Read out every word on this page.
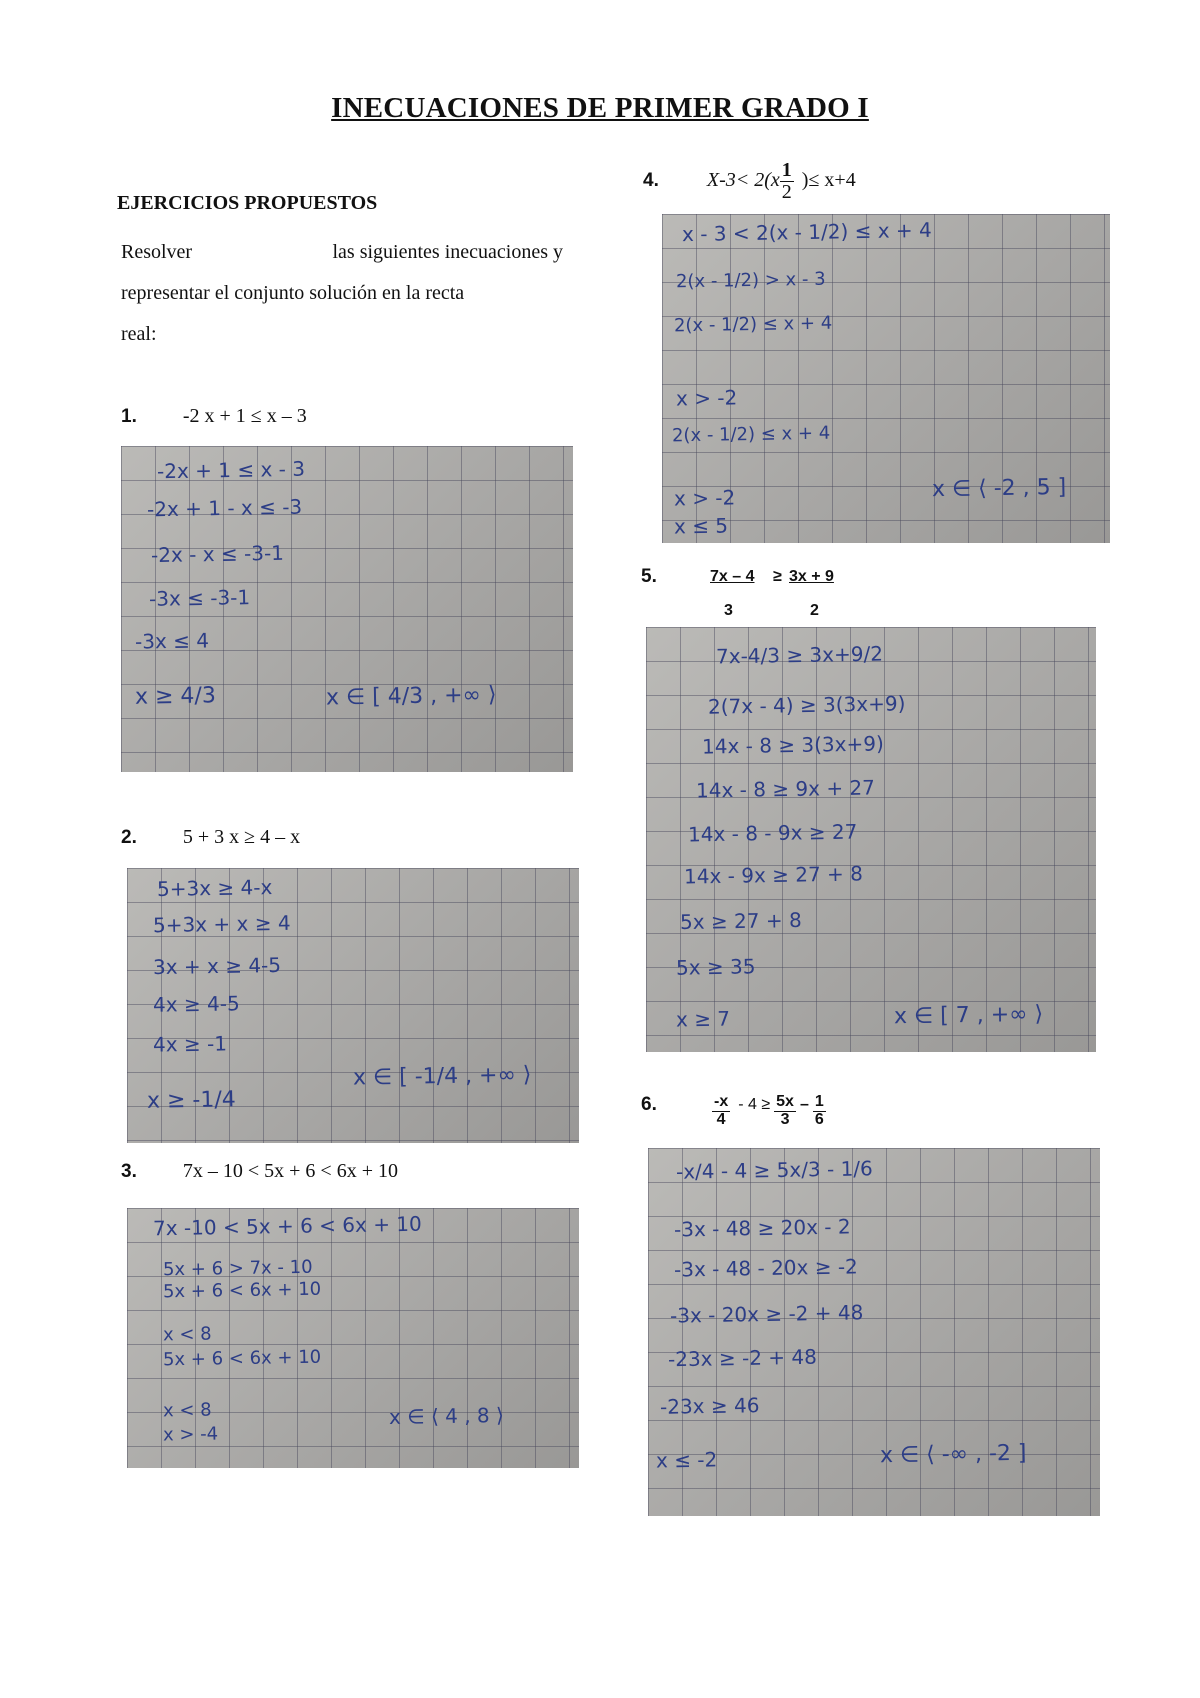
INECUACIONES DE PRIMER GRADO I
EJERCICIOS PROPUESTOS
Resolver	las siguientes inecuaciones y
representar el conjunto solución en la recta
real:
1. -2 x + 1 ≤ x – 3
-2x + 1 ≤ x - 3
-2x + 1 - x ≤ -3
-2x - x ≤ -3-1
-3x ≤ -3-1
-3x ≤ 4
x ≥ 4/3	x ∈ [ 4/3 , +∞ ⟩
2. 5 + 3 x ≥ 4 – x
5+3x ≥ 4-x
5+3x + x ≥ 4
3x + x ≥ 4-5
4x ≥ 4-5
4x ≥ -1
x ≥ -1/4
x ∈ [ -1/4 , +∞ ⟩
3. 7x – 10 < 5x + 6 < 6x + 10
7x -10 < 5x + 6 < 6x + 10
5x + 6 > 7x - 10
5x + 6 < 6x + 10
x < 8
5x + 6 < 6x + 10
x < 8
x > -4
x ∈ ⟨ 4 , 8 ⟩
4. $X-3< 2(x \frac{1}{2}$ )≤ x+4
x - 3 < 2(x - 1/2) ≤ x + 4
2(x - 1/2) > x - 3
2(x - 1/2) ≤ x + 4
x > -2
2(x - 1/2) ≤ x + 4
x > -2
x ≤ 5
x ∈ ⟨ -2 , 5 ]
5.	7x – 4 ≥ 3x + 9
3	2
7x-4/3 ≥ 3x+9/2
2(7x - 4) ≥ 3(3x+9)
14x - 8 ≥ 3(3x+9)
14x - 8 ≥ 9x + 27
14x - 8 - 9x ≥ 27
14x - 9x ≥ 27 + 8
5x ≥ 27 + 8
5x ≥ 35
x ≥ 7	x ∈ [ 7 , +∞ ⟩
6.	$\frac{-x}{4} - 4 \ge \frac{5x}{3} - \frac{1}{6}$
-x/4 - 4 ≥ 5x/3 - 1/6
-3x - 48 ≥ 20x - 2
-3x - 48 - 20x ≥ -2
-3x - 20x ≥ -2 + 48
-23x ≥ -2 + 48
-23x ≥ 46
x ≤ -2	x ∈ ⟨ -∞ , -2 ]
